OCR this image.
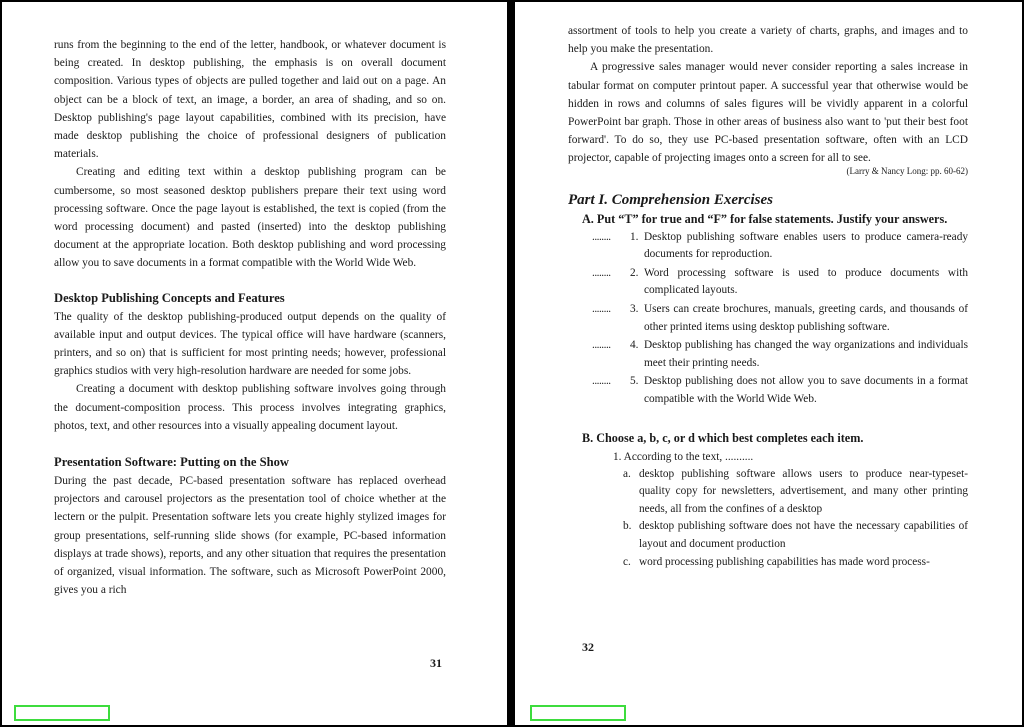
runs from the beginning to the end of the letter, handbook, or whatever document is being created. In desktop publishing, the emphasis is on overall document composition. Various types of objects are pulled together and laid out on a page. An object can be a block of text, an image, a border, an area of shading, and so on. Desktop publishing's page layout capabilities, combined with its precision, have made desktop publishing the choice of professional designers of publication materials.

Creating and editing text within a desktop publishing program can be cumbersome, so most seasoned desktop publishers prepare their text using word processing software. Once the page layout is established, the text is copied (from the word processing document) and pasted (inserted) into the desktop publishing document at the appropriate location. Both desktop publishing and word processing allow you to save documents in a format compatible with the World Wide Web.

Desktop Publishing Concepts and Features

The quality of the desktop publishing-produced output depends on the quality of available input and output devices. The typical office will have hardware (scanners, printers, and so on) that is sufficient for most printing needs; however, professional graphics studios with very high-resolution hardware are needed for some jobs.

Creating a document with desktop publishing software involves going through the document-composition process. This process involves integrating graphics, photos, text, and other resources into a visually appealing document layout.

Presentation Software: Putting on the Show

During the past decade, PC-based presentation software has replaced overhead projectors and carousel projectors as the presentation tool of choice whether at the lectern or the pulpit. Presentation software lets you create highly stylized images for group presentations, self-running slide shows (for example, PC-based information displays at trade shows), reports, and any other situation that requires the presentation of organized, visual information. The software, such as Microsoft PowerPoint 2000, gives you a rich

31

assortment of tools to help you create a variety of charts, graphs, and images and to help you make the presentation.

A progressive sales manager would never consider reporting a sales increase in tabular format on computer printout paper. A successful year that otherwise would be hidden in rows and columns of sales figures will be vividly apparent in a colorful PowerPoint bar graph. Those in other areas of business also want to 'put their best foot forward'. To do so, they use PC-based presentation software, often with an LCD projector, capable of projecting images onto a screen for all to see.

(Larry & Nancy Long: pp. 60-62)
Part I. Comprehension Exercises
A. Put “T” for true and “F” for false statements. Justify your answers.
........	1. Desktop publishing software enables users to produce camera-ready documents for reproduction.
........	2. Word processing software is used to produce documents with complicated layouts.
........	3. Users can create brochures, manuals, greeting cards, and thousands of other printed items using desktop publishing software.
........	4. Desktop publishing has changed the way organizations and individuals meet their printing needs.
........	5. Desktop publishing does not allow you to save documents in a format compatible with the World Wide Web.
B. Choose a, b, c, or d which best completes each item.
1. According to the text, ..........
a. desktop publishing software allows users to produce near-typeset-quality copy for newsletters, advertisement, and many other printing needs, all from the confines of a desktop
b. desktop publishing software does not have the necessary capabilities of layout and document production
c. word processing publishing capabilities has made word process-
32
